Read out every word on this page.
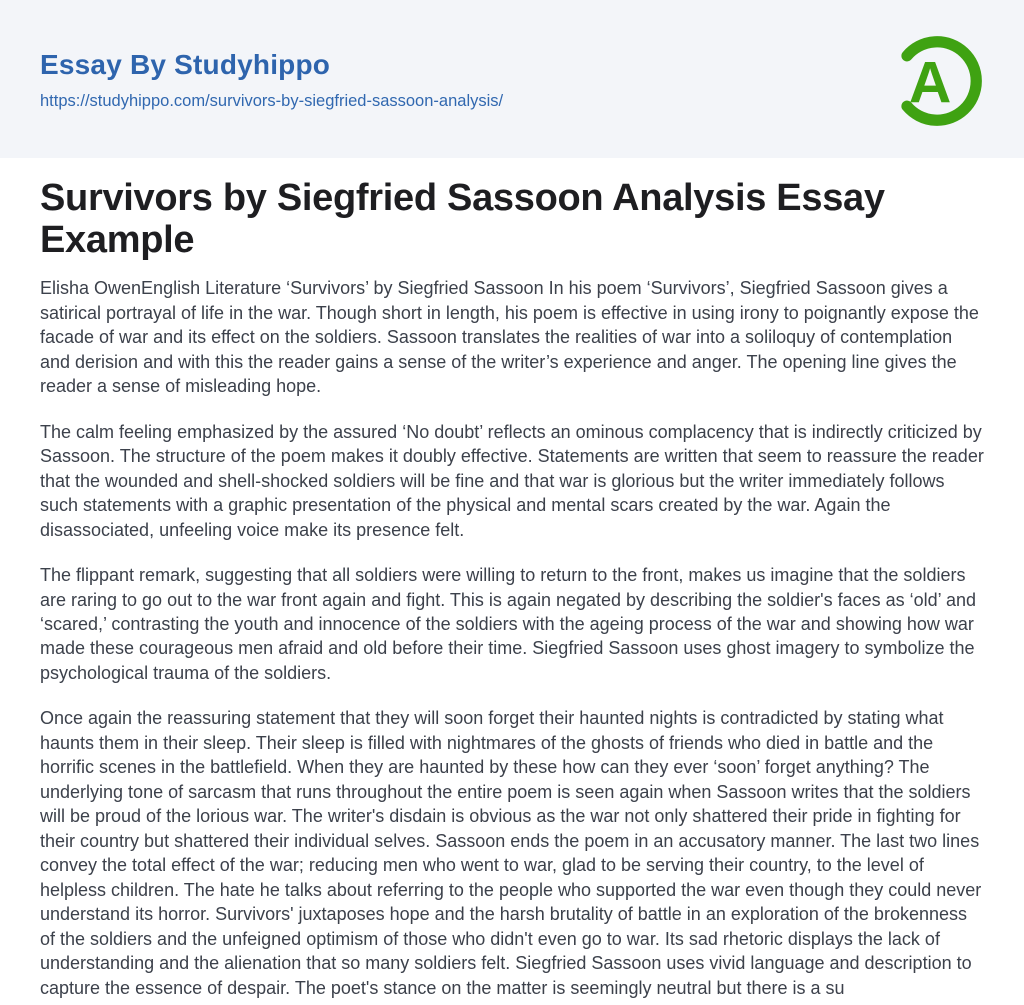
Essay By Studyhippo
https://studyhippo.com/survivors-by-siegfried-sassoon-analysis/	A
Survivors by Siegfried Sassoon Analysis Essay Example

Elisha OwenEnglish Literature ‘Survivors’ by Siegfried Sassoon In his poem ‘Survivors’, Siegfried Sassoon gives a satirical portrayal of life in the war. Though short in length, his poem is effective in using irony to poignantly expose the facade of war and its effect on the soldiers. Sassoon translates the realities of war into a soliloquy of contemplation and derision and with this the reader gains a sense of the writer’s experience and anger. The opening line gives the reader a sense of misleading hope.

The calm feeling emphasized by the assured ‘No doubt’ reflects an ominous complacency that is indirectly criticized by Sassoon. The structure of the poem makes it doubly effective. Statements are written that seem to reassure the reader that the wounded and shell-shocked soldiers will be fine and that war is glorious but the writer immediately follows such statements with a graphic presentation of the physical and mental scars created by the war. Again the disassociated, unfeeling voice make its presence felt.

The flippant remark, suggesting that all soldiers were willing to return to the front, makes us imagine that the soldiers are raring to go out to the war front again and fight. This is again negated by describing the soldier's faces as ‘old’ and ‘scared,’ contrasting the youth and innocence of the soldiers with the ageing process of the war and showing how war made these courageous men afraid and old before their time. Siegfried Sassoon uses ghost imagery to symbolize the psychological trauma of the soldiers.

Once again the reassuring statement that they will soon forget their haunted nights is contradicted by stating what haunts them in their sleep. Their sleep is filled with nightmares of the ghosts of friends who died in battle and the horrific scenes in the battlefield. When they are haunted by these how can they ever ‘soon’ forget anything? The underlying tone of sarcasm that runs throughout the entire poem is seen again when Sassoon writes that the soldiers will be proud of the lorious war. The writer's disdain is obvious as the war not only shattered their pride in fighting for their country but shattered their individual selves. Sassoon ends the poem in an accusatory manner. The last two lines convey the total effect of the war; reducing men who went to war, glad to be serving their country, to the level of helpless children. The hate he talks about referring to the people who supported the war even though they could never understand its horror. Survivors' juxtaposes hope and the harsh brutality of battle in an exploration of the brokenness of the soldiers and the unfeigned optimism of those who didn't even go to war. Its sad rhetoric displays the lack of understanding and the alienation that so many soldiers felt. Siegfried Sassoon uses vivid language and description to capture the essence of despair. The poet's stance on the matter is seemingly neutral but there is a su
